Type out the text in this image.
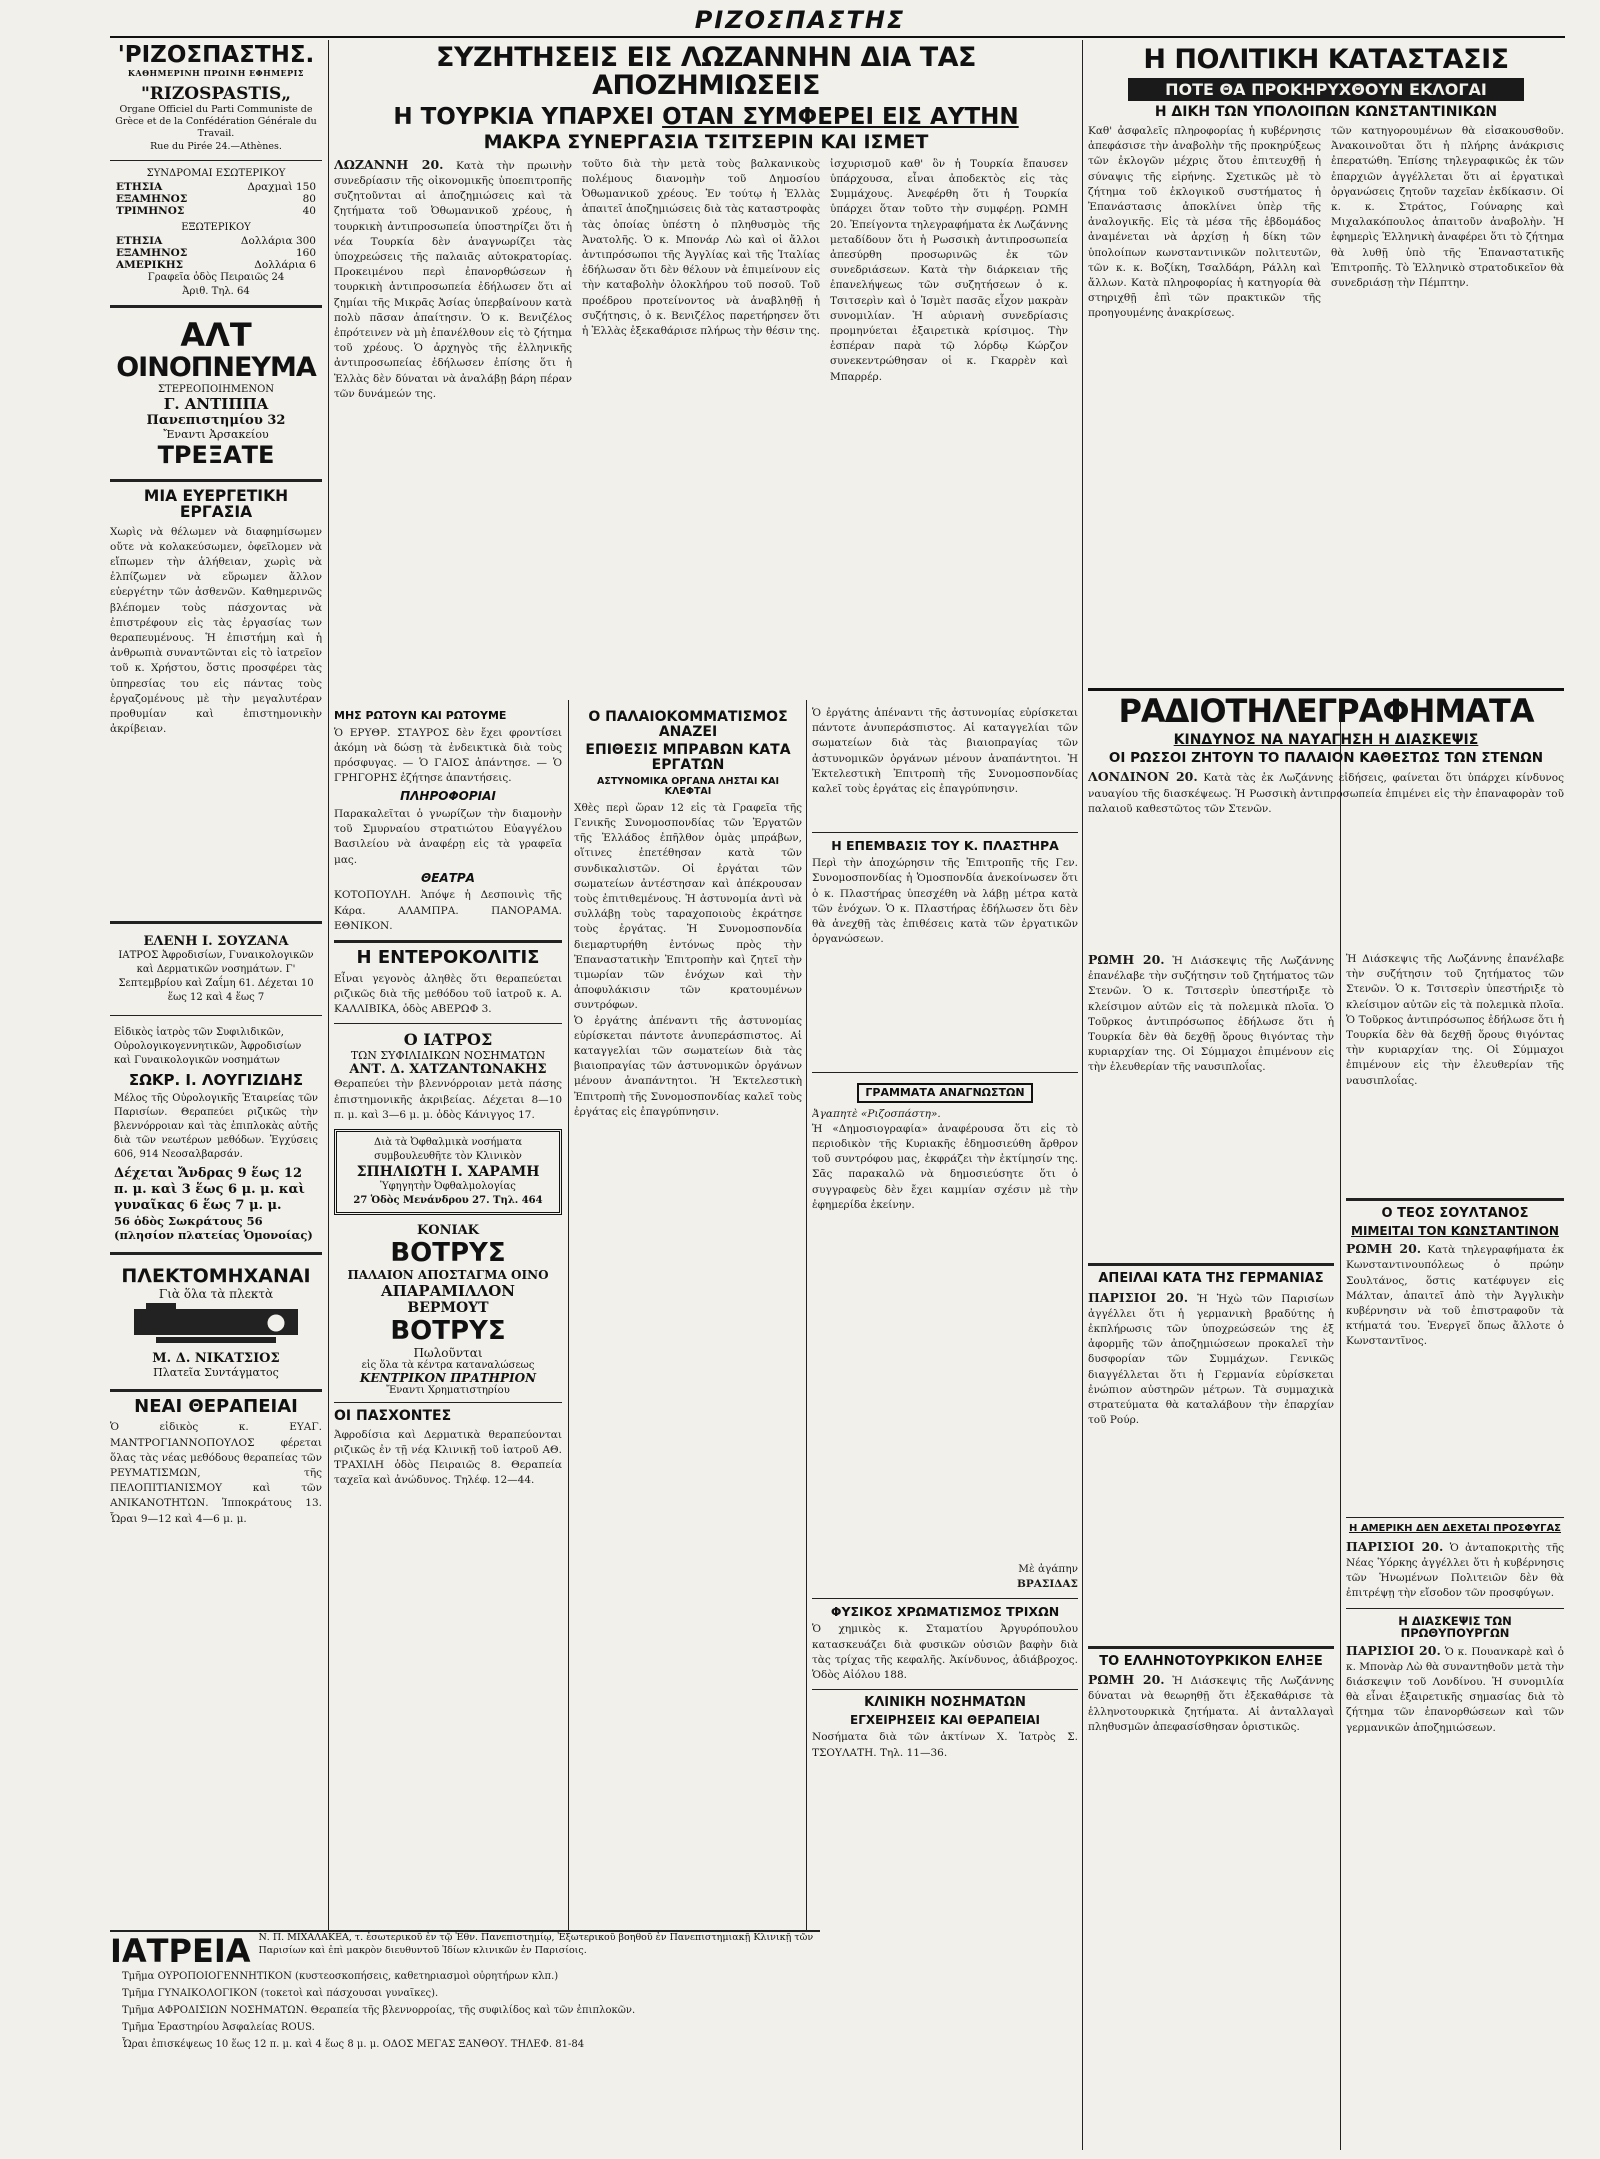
ΡΙΖΟΣΠΑΣΤΗΣ
'ΡΙΖΟΣΠΑΣΤΗΣ.
ΚΑΘΗΜΕΡΙΝΗ ΠΡΩΙΝΗ ΕΦΗΜΕΡΙΣ
"RIZOSPASTIS„
Organe Officiel du Parti Communiste de Grèce et de la Confédération Générale du Travail.
Rue du Pirée 24.—Athènes.
ΣΥΝΔΡΟΜΑΙ ΕΣΩΤΕΡΙΚΟΥ
ΕΤΗΣΙΑ	Δραχμαὶ 150
ΕΞΑΜΗΝΟΣ	80
ΤΡΙΜΗΝΟΣ	40
ΕΞΩΤΕΡΙΚΟΥ
ΕΤΗΣΙΑ	Δολλάρια 300
ΕΞΑΜΗΝΟΣ	160
ΑΜΕΡΙΚΗΣ	Δολλάρια 6
Γραφεῖα ὁδὸς Πειραιῶς 24
Ἀριθ. Τηλ. 64
ΑΛΤ
ΟΙΝΟΠΝΕΥΜΑ
ΣΤΕΡΕΟΠΟΙΗΜΕΝΟΝ
Γ. ΑΝΤΙΠΠΑ
Πανεπιστημίου 32
Ἔναντι Ἀρσακείου
ΤΡΕΞΑΤΕ
ΜΙΑ ΕΥΕΡΓΕΤΙΚΗ ΕΡΓΑΣΙΑ
Χωρὶς νὰ θέλωμεν νὰ διαφημίσωμεν οὔτε νὰ κολακεύσωμεν, ὀφεῖλομεν νὰ εἴπωμεν τὴν ἀλήθειαν, χωρὶς νὰ ἐλπίζωμεν νὰ εὕρωμεν ἄλλον εὐεργέτην τῶν ἀσθενῶν. Καθημερινῶς βλέπομεν τοὺς πάσχοντας νὰ ἐπιστρέφουν εἰς τὰς ἐργασίας των θεραπευμένους. Ἡ ἐπιστήμη καὶ ἡ ἀνθρωπιὰ συναντῶνται εἰς τὸ ἰατρεῖον τοῦ κ. Χρήστου, ὅστις προσφέρει τὰς ὑπηρεσίας του εἰς πάντας τοὺς ἐργαζομένους μὲ τὴν μεγαλυτέραν προθυμίαν καὶ ἐπιστημονικὴν ἀκρίβειαν.
ΕΛΕΝΗ Ι. ΣΟΥΖΑΝΑ
ΙΑΤΡΟΣ Ἀφροδισίων, Γυναικολογικῶν καὶ Δερματικῶν νοσημάτων. Γ' Σεπτεμβρίου καὶ Ζαΐμη 61. Δέχεται 10 ἕως 12 καὶ 4 ἕως 7
Εἰδικὸς ἰατρὸς τῶν Συφιλιδικῶν, Οὐρολογικογεννητικῶν, Ἀφροδισίων καὶ Γυναικολογικῶν νοσημάτων
ΣΩΚΡ. Ι. ΛΟΥΓΙΖΙΔΗΣ
Μέλος τῆς Οὐρολογικῆς Ἑταιρείας τῶν Παρισίων. Θεραπεύει ριζικῶς τὴν βλεννόρροιαν καὶ τὰς ἐπιπλοκὰς αὐτῆς διὰ τῶν νεωτέρων μεθόδων. Ἐγχύσεις 606, 914 Νεοσαλβαρσάν.
Δέχεται Ἄνδρας 9 ἕως 12 π. μ. καὶ 3 ἕως 6 μ. μ. καὶ γυναῖκας 6 ἕως 7 μ. μ.
56 ὁδὸς Σωκράτους 56 (πλησίον πλατείας Ὁμονοίας)
ΠΛΕΚΤΟΜΗΧΑΝΑΙ
Γιὰ ὅλα τὰ πλεκτὰ
Μ. Δ. ΝΙΚΑΤΣΙΟΣ
Πλατεῖα Συντάγματος
ΝΕΑΙ ΘΕΡΑΠΕΙΑΙ
Ὁ εἰδικὸς κ. ΕΥΑΓ. ΜΑΝΤΡΟΓΙΑΝΝΟΠΟΥΛΟΣ φέρεται ὅλας τὰς νέας μεθόδους θεραπείας τῶν ΡΕΥΜΑΤΙΣΜΩΝ, τῆς ΠΕΛΟΠΙΤΙΑΝΙΣΜΟΥ καὶ τῶν ΑΝΙΚΑΝΟΤΗΤΩΝ. Ἰπποκράτους 13. Ὧραι 9—12 καὶ 4—6 μ. μ.
ΙΑΤΡΕΙΑ Ν. Π. ΜΙΧΑΛΑΚΕΑ, τ. ἐσωτερικοῦ ἐν τῷ Ἐθν. Πανεπιστημίῳ, Ἐξωτερικοῦ βοηθοῦ ἐν Πανεπιστημιακῇ Κλινικῇ τῶν Παρισίων καὶ ἐπὶ μακρὸν διευθυντοῦ Ἰδίων κλινικῶν ἐν Παρισίοις.

Τμῆμα ΟΥΡΟΠΟΙΟΓΕΝΝΗΤΙΚΟΝ (κυστεοσκοπήσεις, καθετηριασμοὶ οὐρητήρων κλπ.)

Τμῆμα ΓΥΝΑΙΚΟΛΟΓΙΚΟΝ (τοκετοὶ καὶ πάσχουσαι γυναῖκες).

Τμῆμα ΑΦΡΟΔΙΣΙΩΝ ΝΟΣΗΜΑΤΩΝ. Θεραπεία τῆς βλεννορροίας, τῆς συφιλίδος καὶ τῶν ἐπιπλοκῶν.

Τμῆμα Ἐραστηρίου Ἀσφαλείας ROUS.

Ὧραι ἐπισκέψεως 10 ἕως 12 π. μ. καὶ 4 ἕως 8 μ. μ. ΟΔΟΣ ΜΕΓΑΣ ΞΑΝΘΟΥ. ΤΗΛΕΦ. 81-84

ΣΥΖΗΤΗΣΕΙΣ ΕΙΣ ΛΩΖΑΝΝΗΝ ΔΙΑ ΤΑΣ ΑΠΟΖΗΜΙΩΣΕΙΣ
Η ΤΟΥΡΚΙΑ ΥΠΑΡΧΕΙ ΟΤΑΝ ΣΥΜΦΕΡΕΙ ΕΙΣ ΑΥΤΗΝ
ΜΑΚΡΑ ΣΥΝΕΡΓΑΣΙΑ ΤΣΙΤΣΕΡΙΝ ΚΑΙ ΙΣΜΕΤ
ΛΩΖΑΝΝΗ 20. Κατὰ τὴν πρωινὴν συνεδρίασιν τῆς οἰκονομικῆς ὑποεπιτροπῆς συζητοῦνται αἱ ἀποζημιώσεις καὶ τὰ ζητήματα τοῦ Ὀθωμανικοῦ χρέους, ἡ τουρκικὴ ἀντιπροσωπεία ὑποστηρίζει ὅτι ἡ νέα Τουρκία δὲν ἀναγνωρίζει τὰς ὑποχρεώσεις τῆς παλαιᾶς αὐτοκρατορίας. Προκειμένου περὶ ἐπανορθώσεων ἡ τουρκικὴ ἀντιπροσωπεία ἐδήλωσεν ὅτι αἱ ζημίαι τῆς Μικρᾶς Ἀσίας ὑπερβαίνουν κατὰ πολὺ πᾶσαν ἀπαίτησιν. Ὁ κ. Βενιζέλος ἐπρότεινεν νὰ μὴ ἐπανέλθουν εἰς τὸ ζήτημα τοῦ χρέους. Ὁ ἀρχηγὸς τῆς ἑλληνικῆς ἀντιπροσωπείας ἐδήλωσεν ἐπίσης ὅτι ἡ Ἑλλὰς δὲν δύναται νὰ ἀναλάβῃ βάρη πέραν τῶν δυνάμεών της.
τοῦτο διὰ τὴν μετὰ τοὺς βαλκανικοὺς πολέμους διανομὴν τοῦ Δημοσίου Ὀθωμανικοῦ χρέους. Ἐν τούτῳ ἡ Ἑλλὰς ἀπαιτεῖ ἀποζημιώσεις διὰ τὰς καταστροφὰς τὰς ὁποίας ὑπέστη ὁ πληθυσμὸς τῆς Ἀνατολῆς. Ὁ κ. Μπονάρ Λὼ καὶ οἱ ἄλλοι ἀντιπρόσωποι τῆς Ἀγγλίας καὶ τῆς Ἰταλίας ἐδήλωσαν ὅτι δὲν θέλουν νὰ ἐπιμείνουν εἰς τὴν καταβολὴν ὁλοκλήρου τοῦ ποσοῦ. Τοῦ προέδρου προτείνοντος νὰ ἀναβληθῇ ἡ συζήτησις, ὁ κ. Βενιζέλος παρετήρησεν ὅτι ἡ Ἑλλὰς ἐξεκαθάρισε πλήρως τὴν θέσιν της.
ἰσχυρισμοῦ καθ' ὃν ἡ Τουρκία ἔπαυσεν ὑπάρχουσα, εἶναι ἀποδεκτὸς εἰς τὰς Συμμάχους. Ἀνεφέρθη ὅτι ἡ Τουρκία ὑπάρχει ὅταν τοῦτο τὴν συμφέρῃ. ΡΩΜΗ 20. Ἐπείγοντα τηλεγραφήματα ἐκ Λωζάννης μεταδίδουν ὅτι ἡ Ρωσσικὴ ἀντιπροσωπεία ἀπεσύρθη προσωρινῶς ἐκ τῶν συνεδριάσεων. Κατὰ τὴν διάρκειαν τῆς ἐπανελήψεως τῶν συζητήσεων ὁ κ. Τσιτσερὶν καὶ ὁ Ἰσμὲτ πασᾶς εἶχον μακρὰν συνομιλίαν. Ἡ αὐριανὴ συνεδρίασις προμηνύεται ἐξαιρετικὰ κρίσιμος. Τὴν ἑσπέραν παρὰ τῷ λόρδῳ Κώρζον συνεκεντρώθησαν οἱ κ. Γκαρρὲν καὶ Μπαρρέρ.
ΜΗΣ ΡΩΤΟΥΝ ΚΑΙ ΡΩΤΟΥΜΕ
Ὁ ΕΡΥΘΡ. ΣΤΑΥΡΟΣ δὲν ἔχει φροντίσει ἀκόμη νὰ δώσῃ τὰ ἐνδεικτικὰ διὰ τοὺς πρόσφυγας. — Ὁ ΓΑΙΟΣ ἀπάντησε. — Ὁ ΓΡΗΓΟΡΗΣ ἐζήτησε ἀπαντήσεις.
ΠΛΗΡΟΦΟΡΙΑΙ
Παρακαλεῖται ὁ γνωρίζων τὴν διαμονὴν τοῦ Σμυρναίου στρατιώτου Εὐαγγέλου Βασιλείου νὰ ἀναφέρῃ εἰς τὰ γραφεῖα μας.
ΘΕΑΤΡΑ
ΚΟΤΟΠΟΥΛΗ. Ἀπόψε ἡ Δεσποινὶς τῆς Κάρα. ΑΛΑΜΠΡΑ. ΠΑΝΟΡΑΜΑ. ΕΘΝΙΚΟΝ.
Η ΕΝΤΕΡΟΚΟΛΙΤΙΣ
Εἶναι γεγονὸς ἀληθὲς ὅτι θεραπεύεται ριζικῶς διὰ τῆς μεθόδου τοῦ ἰατροῦ κ. Α. ΚΑΛΛΙΒΙΚΑ, ὁδὸς ΑΒΕΡΩΦ 3.
Ο ΙΑΤΡΟΣ
ΤΩΝ ΣΥΦΙΛΙΔΙΚΩΝ ΝΟΣΗΜΑΤΩΝ
ΑΝΤ. Δ. ΧΑΤΖΑΝΤΩΝΑΚΗΣ
Θεραπεύει τὴν βλεννόρροιαν μετὰ πάσης ἐπιστημονικῆς ἀκριβείας. Δέχεται 8—10 π. μ. καὶ 3—6 μ. μ. ὁδὸς Κάνιγγος 17.
Διὰ τὰ Ὀφθαλμικὰ νοσήματα
συμβουλευθῆτε τὸν Κλινικὸν
ΣΠΗΛΙΩΤΗ Ι. ΧΑΡΑΜΗ
Ὑφηγητὴν Ὀφθαλμολογίας
27 Ὁδὸς Μενάνδρου 27. Τηλ. 464
ΚΟΝΙΑΚ
ΒΟΤΡΥΣ
ΠΑΛΑΙΟΝ ΑΠΟΣΤΑΓΜΑ ΟΙΝΟ
ΑΠΑΡΑΜΙΛΛΟΝ
ΒΕΡΜΟΥΤ
ΒΟΤΡΥΣ
Πωλοῦνται
εἰς ὅλα τὰ κέντρα καταναλώσεως
ΚΕΝΤΡΙΚΟΝ ΠΡΑΤΗΡΙΟΝ
Ἔναντι Χρηματιστηρίου
ΟΙ ΠΑΣΧΟΝΤΕΣ
Ἀφροδίσια καὶ Δερματικὰ θεραπεύονται ριζικῶς ἐν τῇ νέᾳ Κλινικῇ τοῦ ἰατροῦ ΑΘ. ΤΡΑΧΙΛΗ ὁδὸς Πειραιῶς 8. Θεραπεία ταχεῖα καὶ ἀνώδυνος. Τηλέφ. 12—44.
Ο ΠΑΛΑΙΟΚΟΜΜΑΤΙΣΜΟΣ ΑΝΑΖΕΙ
ΕΠΙΘΕΣΙΣ ΜΠΡΑΒΩΝ ΚΑΤΑ ΕΡΓΑΤΩΝ
ΑΣΤΥΝΟΜΙΚΑ ΟΡΓΑΝΑ ΛΗΣΤΑΙ ΚΑΙ ΚΛΕΦΤΑΙ
Χθὲς περὶ ὥραν 12 εἰς τὰ Γραφεῖα τῆς Γενικῆς Συνομοσπονδίας τῶν Ἐργατῶν τῆς Ἑλλάδος ἐπῆλθον ὁμὰς μπράβων, οἵτινες ἐπετέθησαν κατὰ τῶν συνδικαλιστῶν. Οἱ ἐργάται τῶν σωματείων ἀντέστησαν καὶ ἀπέκρουσαν τοὺς ἐπιτιθεμένους. Ἡ ἀστυνομία ἀντὶ νὰ συλλάβῃ τοὺς ταραχοποιοὺς ἐκράτησε τοὺς ἐργάτας. Ἡ Συνομοσπονδία διεμαρτυρήθη ἐντόνως πρὸς τὴν Ἐπαναστατικὴν Ἐπιτροπὴν καὶ ζητεῖ τὴν τιμωρίαν τῶν ἐνόχων καὶ τὴν ἀποφυλάκισιν τῶν κρατουμένων συντρόφων.
Ὁ ἐργάτης ἀπέναντι τῆς ἀστυνομίας εὑρίσκεται πάντοτε ἀνυπεράσπιστος. Αἱ καταγγελίαι τῶν σωματείων διὰ τὰς βιαιοπραγίας τῶν ἀστυνομικῶν ὀργάνων μένουν ἀναπάντητοι. Ἡ Ἐκτελεστικὴ Ἐπιτροπὴ τῆς Συνομοσπονδίας καλεῖ τοὺς ἐργάτας εἰς ἐπαγρύπνησιν.
Ὁ ἐργάτης ἀπέναντι τῆς ἀστυνομίας εὑρίσκεται πάντοτε ἀνυπεράσπιστος. Αἱ καταγγελίαι τῶν σωματείων διὰ τὰς βιαιοπραγίας τῶν ἀστυνομικῶν ὀργάνων μένουν ἀναπάντητοι. Ἡ Ἐκτελεστικὴ Ἐπιτροπὴ τῆς Συνομοσπονδίας καλεῖ τοὺς ἐργάτας εἰς ἐπαγρύπνησιν.
Η ΕΠΕΜΒΑΣΙΣ ΤΟΥ Κ. ΠΛΑΣΤΗΡΑ
Περὶ τὴν ἀποχώρησιν τῆς Ἐπιτροπῆς τῆς Γεν. Συνομοσπονδίας ἡ Ὁμοσπονδία ἀνεκοίνωσεν ὅτι ὁ κ. Πλαστήρας ὑπεσχέθη νὰ λάβῃ μέτρα κατὰ τῶν ἐνόχων. Ὁ κ. Πλαστήρας ἐδήλωσεν ὅτι δὲν θὰ ἀνεχθῇ τὰς ἐπιθέσεις κατὰ τῶν ἐργατικῶν ὀργανώσεων.
ΓΡΑΜΜΑΤΑ ΑΝΑΓΝΩΣΤΩΝ
Ἀγαπητὲ «Ριζοσπάστη».
Ἡ «Δημοσιογραφία» ἀναφέρουσα ὅτι εἰς τὸ περιοδικὸν τῆς Κυριακῆς ἐδημοσιεύθη ἄρθρον τοῦ συντρόφου μας, ἐκφράζει τὴν ἐκτίμησίν της. Σᾶς παρακαλῶ νὰ δημοσιεύσητε ὅτι ὁ συγγραφεὺς δὲν ἔχει καμμίαν σχέσιν μὲ τὴν ἐφημερίδα ἐκείνην.
Μὲ ἀγάπην
ΒΡΑΣΙΔΑΣ
ΦΥΣΙΚΟΣ ΧΡΩΜΑΤΙΣΜΟΣ ΤΡΙΧΩΝ
Ὁ χημικὸς κ. Σταματίου Ἀργυρόπουλου κατασκευάζει διὰ φυσικῶν οὐσιῶν βαφὴν διὰ τὰς τρίχας τῆς κεφαλῆς. Ἀκίνδυνος, ἀδιάβροχος. Ὁδὸς Αἰόλου 188.
ΚΛΙΝΙΚΗ ΝΟΣΗΜΑΤΩΝ
ΕΓΧΕΙΡΗΣΕΙΣ ΚΑΙ ΘΕΡΑΠΕΙΑΙ
Νοσήματα διὰ τῶν ἀκτίνων Χ. Ἰατρὸς Σ. ΤΣΟΥΛΑΤΗ. Τηλ. 11—36.
Η ΠΟΛΙΤΙΚΗ ΚΑΤΑΣΤΑΣΙΣ
ΠΟΤΕ ΘΑ ΠΡΟΚΗΡΥΧΘΟΥΝ ΕΚΛΟΓΑΙ
Η ΔΙΚΗ ΤΩΝ ΥΠΟΛΟΙΠΩΝ ΚΩΝΣΤΑΝΤΙΝΙΚΩΝ
Καθ' ἀσφαλεῖς πληροφορίας ἡ κυβέρνησις ἀπεφάσισε τὴν ἀναβολὴν τῆς προκηρύξεως τῶν ἐκλογῶν μέχρις ὅτου ἐπιτευχθῇ ἡ σύναψις τῆς εἰρήνης. Σχετικῶς μὲ τὸ ζήτημα τοῦ ἐκλογικοῦ συστήματος ἡ Ἐπανάστασις ἀποκλίνει ὑπὲρ τῆς ἀναλογικῆς. Εἰς τὰ μέσα τῆς ἑβδομάδος ἀναμένεται νὰ ἀρχίσῃ ἡ δίκη τῶν ὑπολοίπων κωνσταντινικῶν πολιτευτῶν, τῶν κ. κ. Βοζίκη, Τσαλδάρη, Ράλλη καὶ ἄλλων. Κατὰ πληροφορίας ἡ κατηγορία θὰ στηριχθῇ ἐπὶ τῶν πρακτικῶν τῆς προηγουμένης ἀνακρίσεως.
τῶν κατηγορουμένων θὰ εἰσακουσθοῦν. Ἀνακοινοῦται ὅτι ἡ πλήρης ἀνάκρισις ἐπερατώθη. Ἐπίσης τηλεγραφικῶς ἐκ τῶν ἐπαρχιῶν ἀγγέλλεται ὅτι αἱ ἐργατικαὶ ὀργανώσεις ζητοῦν ταχεῖαν ἐκδίκασιν. Οἱ κ. κ. Στράτος, Γούναρης καὶ Μιχαλακόπουλος ἀπαιτοῦν ἀναβολὴν. Ἡ ἐφημερὶς Ἑλληνικὴ ἀναφέρει ὅτι τὸ ζήτημα θὰ λυθῇ ὑπὸ τῆς Ἐπαναστατικῆς Ἐπιτροπῆς. Τὸ Ἑλληνικὸ στρατοδικεῖον θὰ συνεδριάσῃ τὴν Πέμπτην.
ΡΑΔΙΟΤΗΛΕΓΡΑΦΗΜΑΤΑ
ΚΙΝΔΥΝΟΣ ΝΑ ΝΑΥΑΓΗΣΗ Η ΔΙΑΣΚΕΨΙΣ
ΟΙ ΡΩΣΣΟΙ ΖΗΤΟΥΝ ΤΟ ΠΑΛΑΙΟΝ ΚΑΘΕΣΤΩΣ ΤΩΝ ΣΤΕΝΩΝ
ΛΟΝΔΙΝΟΝ 20. Κατὰ τὰς ἐκ Λωζάννης εἰδήσεις, φαίνεται ὅτι ὑπάρχει κίνδυνος ναυαγίου τῆς διασκέψεως. Ἡ Ρωσσικὴ ἀντιπροσωπεία ἐπιμένει εἰς τὴν ἐπαναφορὰν τοῦ παλαιοῦ καθεστῶτος τῶν Στενῶν.
ΡΩΜΗ 20. Ἡ Διάσκεψις τῆς Λωζάννης ἐπανέλαβε τὴν συζήτησιν τοῦ ζητήματος τῶν Στενῶν. Ὁ κ. Τσιτσερὶν ὑπεστήριξε τὸ κλείσιμον αὐτῶν εἰς τὰ πολεμικὰ πλοῖα. Ὁ Τοῦρκος ἀντιπρόσωπος ἐδήλωσε ὅτι ἡ Τουρκία δὲν θὰ δεχθῇ ὅρους θιγόντας τὴν κυριαρχίαν της. Οἱ Σύμμαχοι ἐπιμένουν εἰς τὴν ἐλευθερίαν τῆς ναυσιπλοΐας.
ΑΠΕΙΛΑΙ ΚΑΤΑ ΤΗΣ ΓΕΡΜΑΝΙΑΣ
ΠΑΡΙΣΙΟΙ 20. Ἡ Ἠχὼ τῶν Παρισίων ἀγγέλλει ὅτι ἡ γερμανικὴ βραδύτης ἡ ἐκπλήρωσις τῶν ὑποχρεώσεών της ἐξ ἀφορμῆς τῶν ἀποζημιώσεων προκαλεῖ τὴν δυσφορίαν τῶν Συμμάχων. Γενικῶς διαγγέλλεται ὅτι ἡ Γερμανία εὑρίσκεται ἐνώπιον αὐστηρῶν μέτρων. Τὰ συμμαχικὰ στρατεύματα θὰ καταλάβουν τὴν ἐπαρχίαν τοῦ Ρούρ.
ΤΟ ΕΛΛΗΝΟΤΟΥΡΚΙΚΟΝ ΕΛΗΞΕ
ΡΩΜΗ 20. Ἡ Διάσκεψις τῆς Λωζάννης δύναται νὰ θεωρηθῇ ὅτι ἐξεκαθάρισε τὰ ἑλληνοτουρκικὰ ζητήματα. Αἱ ἀνταλλαγαὶ πληθυσμῶν ἀπεφασίσθησαν ὁριστικῶς.
Ἡ Διάσκεψις τῆς Λωζάννης ἐπανέλαβε τὴν συζήτησιν τοῦ ζητήματος τῶν Στενῶν. Ὁ κ. Τσιτσερὶν ὑπεστήριξε τὸ κλείσιμον αὐτῶν εἰς τὰ πολεμικὰ πλοῖα. Ὁ Τοῦρκος ἀντιπρόσωπος ἐδήλωσε ὅτι ἡ Τουρκία δὲν θὰ δεχθῇ ὅρους θιγόντας τὴν κυριαρχίαν της. Οἱ Σύμμαχοι ἐπιμένουν εἰς τὴν ἐλευθερίαν τῆς ναυσιπλοΐας.
Ο ΤΕΟΣ ΣΟΥΛΤΑΝΟΣ
ΜΙΜΕΙΤΑΙ ΤΟΝ ΚΩΝΣΤΑΝΤΙΝΟΝ
ΡΩΜΗ 20. Κατὰ τηλεγραφήματα ἐκ Κωνσταντινουπόλεως ὁ πρώην Σουλτάνος, ὅστις κατέφυγεν εἰς Μάλταν, ἀπαιτεῖ ἀπὸ τὴν Ἀγγλικὴν κυβέρνησιν νὰ τοῦ ἐπιστραφοῦν τὰ κτήματά του. Ἐνεργεῖ ὅπως ἄλλοτε ὁ Κωνσταντῖνος.
Η ΑΜΕΡΙΚΗ ΔΕΝ ΔΕΧΕΤΑΙ ΠΡΟΣΦΥΓΑΣ
ΠΑΡΙΣΙΟΙ 20. Ὁ ἀνταποκριτὴς τῆς Νέας Ὑόρκης ἀγγέλλει ὅτι ἡ κυβέρνησις τῶν Ἡνωμένων Πολιτειῶν δὲν θὰ ἐπιτρέψῃ τὴν εἴσοδον τῶν προσφύγων.
Η ΔΙΑΣΚΕΨΙΣ ΤΩΝ ΠΡΩΘΥΠΟΥΡΓΩΝ
ΠΑΡΙΣΙΟΙ 20. Ὁ κ. Πουανκαρὲ καὶ ὁ κ. Μπονὰρ Λὼ θὰ συναντηθοῦν μετὰ τὴν διάσκεψιν τοῦ Λονδίνου. Ἡ συνομιλία θὰ εἶναι ἐξαιρετικῆς σημασίας διὰ τὸ ζήτημα τῶν ἐπανορθώσεων καὶ τῶν γερμανικῶν ἀποζημιώσεων.
